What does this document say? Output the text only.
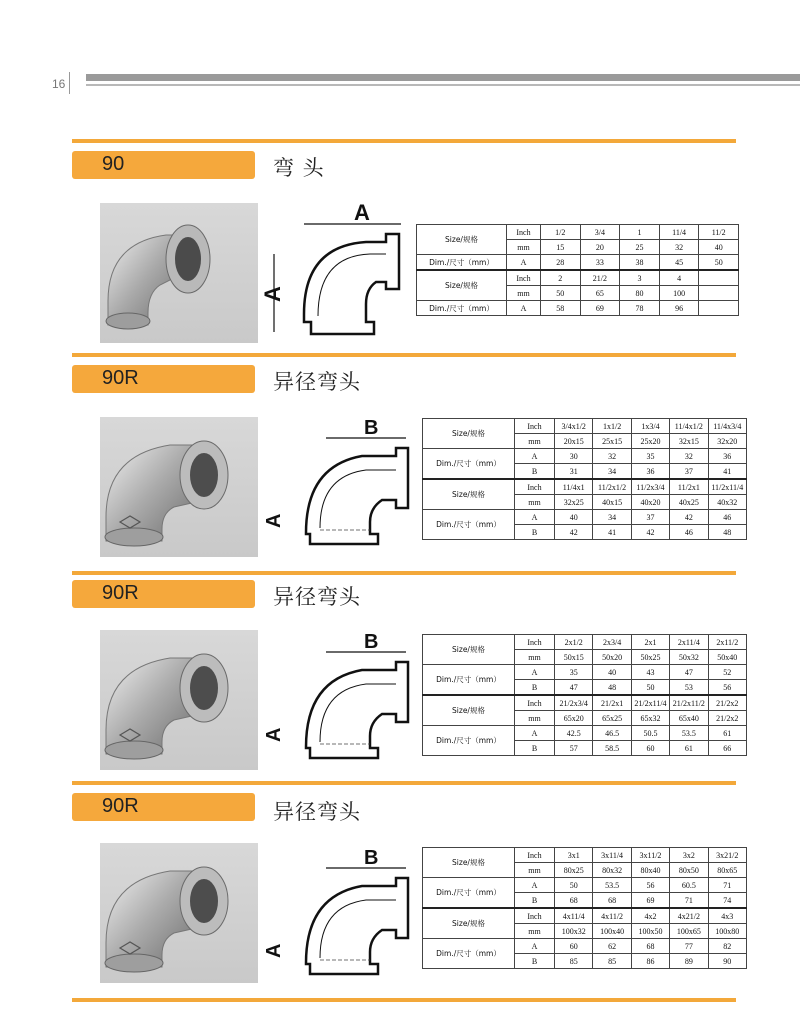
16
90	弯 头
A
A
Size/规格	Inch	1/2	3/4	1	11/4	11/2
	mm	15	20	25	32	40
Dim./尺寸（mm）	A	28	33	38	45	50
Size/规格	Inch	2	21/2	3	4	
	mm	50	65	80	100	
Dim./尺寸（mm）	A	58	69	78	96	
90R	异径弯头
B
A
Size/规格	Inch	3/4x1/2	1x1/2	1x3/4	11/4x1/2	11/4x3/4
	mm	20x15	25x15	25x20	32x15	32x20
Dim./尺寸（mm）	A	30	32	35	32	36
	B	31	34	36	37	41
Size/规格	Inch	11/4x1	11/2x1/2	11/2x3/4	11/2x1	11/2x11/4
	mm	32x25	40x15	40x20	40x25	40x32
Dim./尺寸（mm）	A	40	34	37	42	46
	B	42	41	42	46	48
90R	异径弯头
B
A
Size/规格	Inch	2x1/2	2x3/4	2x1	2x11/4	2x11/2
	mm	50x15	50x20	50x25	50x32	50x40
Dim./尺寸（mm）	A	35	40	43	47	52
	B	47	48	50	53	56
Size/规格	Inch	21/2x3/4	21/2x1	21/2x11/4	21/2x11/2	21/2x2
	mm	65x20	65x25	65x32	65x40	21/2x2
Dim./尺寸（mm）	A	42.5	46.5	50.5	53.5	61
	B	57	58.5	60	61	66
90R	异径弯头
B
A
Size/规格	Inch	3x1	3x11/4	3x11/2	3x2	3x21/2
	mm	80x25	80x32	80x40	80x50	80x65
Dim./尺寸（mm）	A	50	53.5	56	60.5	71
	B	68	68	69	71	74
Size/规格	Inch	4x11/4	4x11/2	4x2	4x21/2	4x3
	mm	100x32	100x40	100x50	100x65	100x80
Dim./尺寸（mm）	A	60	62	68	77	82
	B	85	85	86	89	90
